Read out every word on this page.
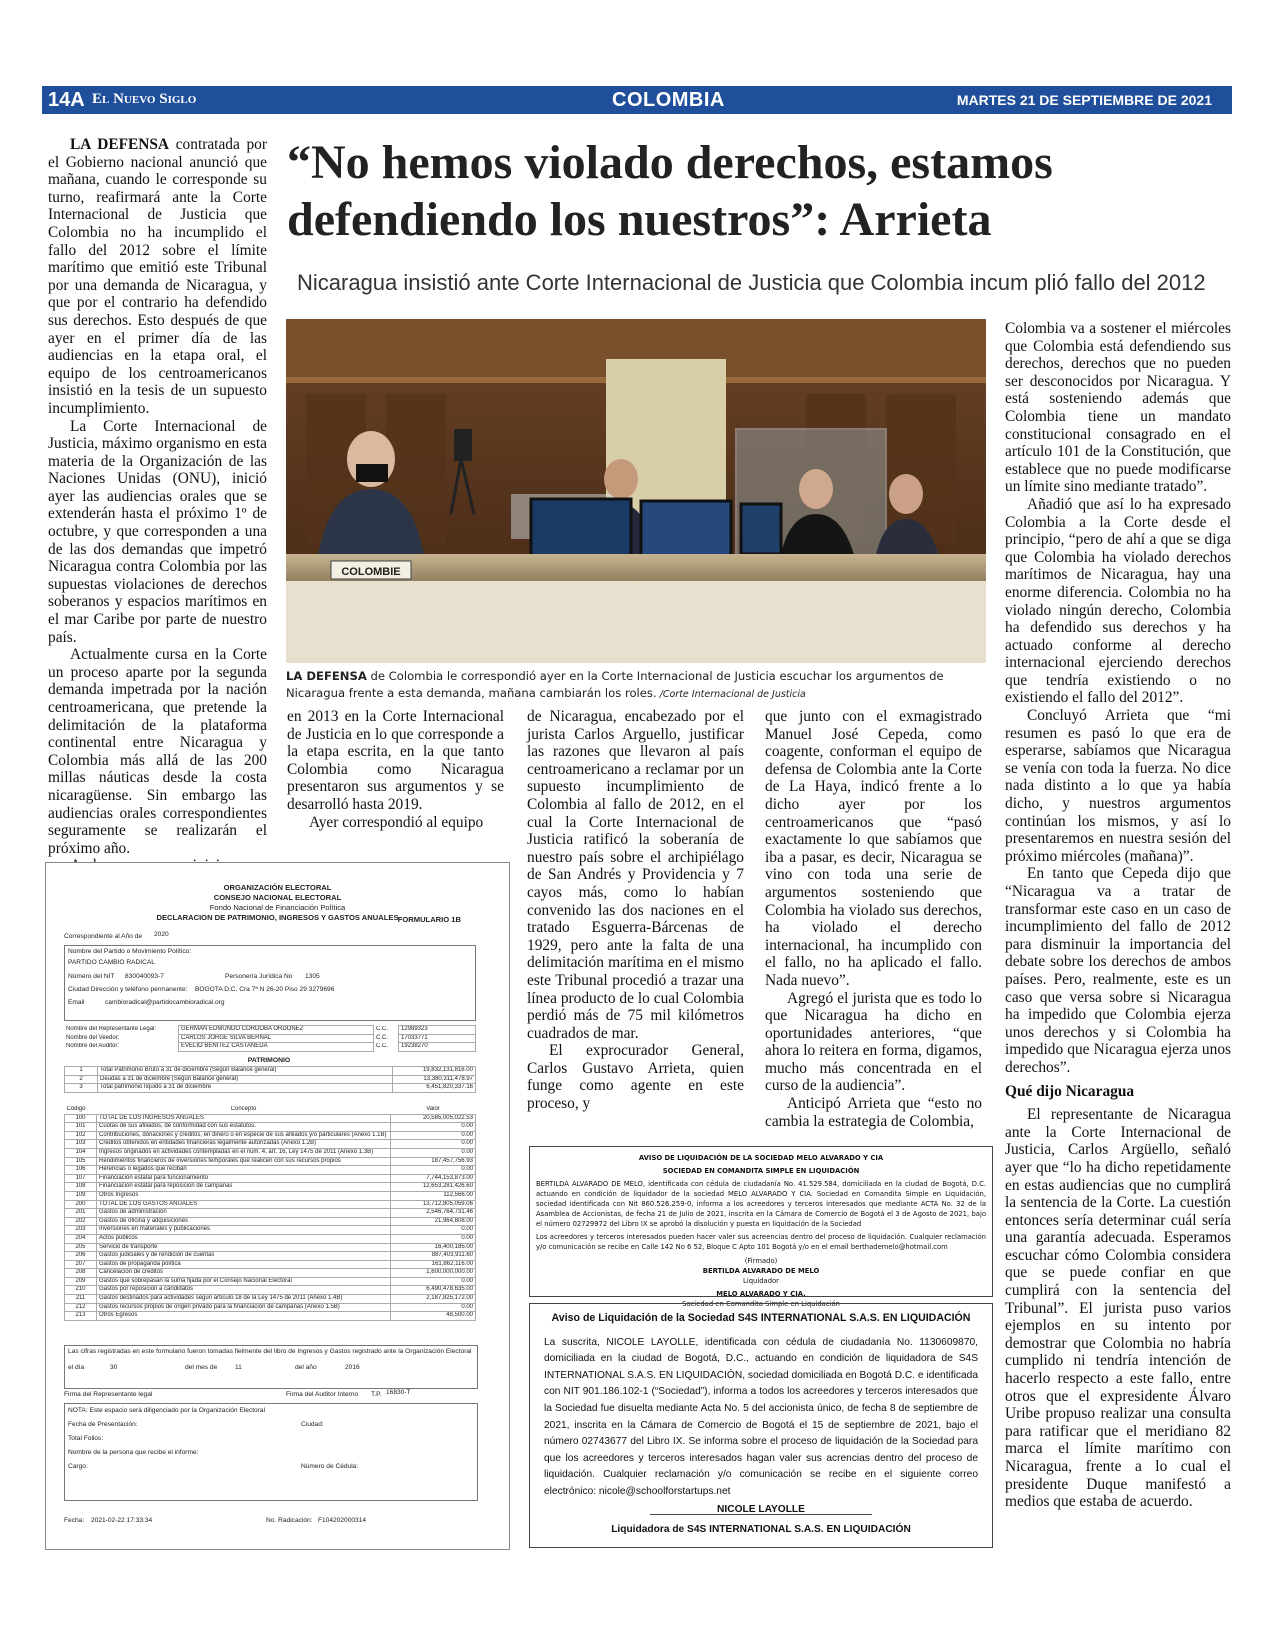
14A El Nuevo Siglo	COLOMBIA	MARTES 21 DE SEPTIEMBRE DE 2021
“No hemos violado derechos, estamos
defendiendo los nuestros”: Arrieta
Nicaragua insistió ante Corte Internacional de Justicia que Colombia incum plió fallo del 2012

LA DEFENSA contratada por el Gobierno nacional anunció que mañana, cuando le corresponde su turno, reafirmará ante la Corte Internacional de Justicia que Colombia no ha incumplido el fallo del 2012 sobre el límite marítimo que emitió este Tribunal por una demanda de Nicaragua, y que por el contrario ha defendido sus derechos. Esto después de que ayer en el primer día de las audiencias en la etapa oral, el equipo de los centroamericanos insistió en la tesis de un supuesto incumplimiento.

La Corte Internacional de Justicia, máximo organismo en esta materia de la Organización de las Naciones Unidas (ONU), inició ayer las audiencias orales que se extenderán hasta el próximo 1º de octubre, y que corresponden a una de las dos demandas que impetró Nicaragua contra Colombia por las supuestas violaciones de derechos soberanos y espacios marítimos en el mar Caribe por parte de nuestro país.

Actualmente cursa en la Corte un proceso aparte por la segunda demanda impetrada por la nación centroamericana, que pretende la delimitación de la plataforma continental entre Nicaragua y Colombia más allá de las 200 millas náuticas desde la costa nicaragüense. Sin embargo las audiencias orales correspondientes seguramente se realizarán el próximo año.

COLOMBIE
LA DEFENSA de Colombia le correspondió ayer en la Corte Internacional de Justicia escuchar los argumentos de Nicaragua frente a esta demanda, mañana cambiarán los roles. /Corte Internacional de Justicia

en 2013 en la Corte Internacional de Justicia en lo que corresponde a la etapa escrita, en la que tanto Colombia como Nicaragua presentaron sus argumentos y se desarrolló hasta 2019.

Ayer correspondió al equipo

de Nicaragua, encabezado por el jurista Carlos Arguello, justificar las razones que llevaron al país centroamericano a reclamar por un supuesto incumplimiento de Colombia al fallo de 2012, en el cual la Corte Internacional de Justicia ratificó la soberanía de nuestro país sobre el archipiélago de San Andrés y Providencia y 7 cayos más, como lo habían convenido las dos naciones en el tratado Esguerra-Bárcenas de 1929, pero ante la falta de una delimitación marítima en el mismo este Tribunal procedió a trazar una línea producto de lo cual Colombia perdió más de 75 mil kilómetros cuadrados de mar.

El exprocurador General, Carlos Gustavo Arrieta, quien funge como agente en este proceso, y

que junto con el exmagistrado Manuel José Cepeda, como coagente, conforman el equipo de defensa de Colombia ante la Corte de La Haya, indicó frente a lo dicho ayer por los centroamericanos que “pasó exactamente lo que sabíamos que iba a pasar, es decir, Nicaragua se vino con toda una serie de argumentos sosteniendo que Colombia ha violado sus derechos, ha violado el derecho internacional, ha incumplido con el fallo, no ha aplicado el fallo. Nada nuevo”.

Agregó el jurista que es todo lo que Nicaragua ha dicho en oportunidades anteriores, “que ahora lo reitera en forma, digamos, mucho más concentrada en el curso de la audiencia”.

Anticipó Arrieta que “esto no cambia la estrategia de Colombia,

Colombia va a sostener el miércoles que Colombia está defendiendo sus derechos, derechos que no pueden ser desconocidos por Nicaragua. Y está sosteniendo además que Colombia tiene un mandato constitucional consagrado en el artículo 101 de la Constitución, que establece que no puede modificarse un límite sino mediante tratado”.

Añadió que así lo ha expresado Colombia a la Corte desde el principio, “pero de ahí a que se diga que Colombia ha violado derechos marítimos de Nicaragua, hay una enorme diferencia. Colombia no ha violado ningún derecho, Colombia ha defendido sus derechos y ha actuado conforme al derecho internacional ejerciendo derechos que tendría existiendo o no existiendo el fallo del 2012”.

Concluyó Arrieta que “mi resumen es pasó lo que era de esperarse, sabíamos que Nicaragua se venía con toda la fuerza. No dice nada distinto a lo que ya había dicho, y nuestros argumentos continúan los mismos, y así lo presentaremos en nuestra sesión del próximo miércoles (mañana)”.

En tanto que Cepeda dijo que “Nicaragua va a tratar de transformar este caso en un caso de incumplimiento del fallo de 2012 para disminuir la importancia del debate sobre los derechos de ambos países. Pero, realmente, este es un caso que versa sobre si Nicaragua ha impedido que Colombia ejerza unos derechos y si Colombia ha impedido que Nicaragua ejerza unos derechos”.

Qué dijo Nicaragua

El representante de Nicaragua ante la Corte Internacional de Justicia, Carlos Argüello, señaló ayer que “lo ha dicho repetidamente en estas audiencias que no cumplirá la sentencia de la Corte. La cuestión entonces sería determinar cuál sería una garantía adecuada. Esperamos escuchar cómo Colombia considera que se puede confiar en que cumplirá con la sentencia del Tribunal”. El jurista puso varios ejemplos en su intento por demostrar que Colombia no habría cumplido ni tendría intención de hacerlo respecto a este fallo, entre otros que el expresidente Álvaro Uribe propuso realizar una consulta para ratificar que el meridiano 82 marca el límite marítimo con Nicaragua, frente a lo cual el presidente Duque manifestó a medios que estaba de acuerdo.

ORGANIZACIÓN ELECTORAL
CONSEJO NACIONAL ELECTORAL
Fondo Nacional de Financiación Política
DECLARACION DE PATRIMONIO, INGRESOS Y GASTOS ANUALES FORMULARIO 1B
Correspondiente al Año de 2020
Nombre del Partido o Movimiento Político:
PARTIDO CAMBIO RADICAL
Número del NIT 830040093-7	Personería Jurídica No 1305
Ciudad Dirección y teléfono permanente: BOGOTA D.C. Cra 7ª N 26-20 Piso 29 3279696
Email	cambioradical@partidocambioradical.org
Nombre del Representante Legal:	GERMAN EDMUNDO CORDOBA ORDOÑEZ	C.C.	12989323
Nombre del Veedor:	CARLOS JORGE SILVA BERNAL	C.C.	17033771
Nombre del Auditor:	EVELIO BENITEZ CASTAÑEDA	C.C.	19238270
PATRIMONIO
1	Total Patrimonio Bruto a 31 de diciembre (Según Balance general)	19,832,131,816.00
2	Deudas a 31 de diciembre (Según Balance general)	13,380,311,478.97
3	Total patrimonio líquido a 31 de diciembre	6,451,820,337.16
Código	Concepto	Valor
100	TOTAL DE LOS INGRESOS ANUALES	20,585,005,022.53
101	Cuotas de sus afiliados, de conformidad con sus estatutos.	0.00
102	Contribuciones, donaciones y créditos, en dinero o en especie de sus afiliados y/o particulares (Anexo 1.1B)	0.00
103	Créditos obtenidos en entidades financieras legalmente autorizadas (Anexo 1.2B)	0.00
104	Ingresos originados en actividades contempladas en el num. 4, art. 16, Ley 1475 de 2011 (Anexo 1.3B)	0.00
105	Rendimientos financieros de inversiones temporales que realicen con sus recursos propios	187,457,756.93
106	Herencias o legados que reciban	0.00
107	Financiación estatal para funcionamiento	7,744,153,873.00
108	Financiación estatal para reposición de campañas	12,653,281,426.60
109	Otros Ingresos	112,566.00
200	TOTAL DE LOS GASTOS ANUALES	13,712,805,059.06
201	Gastos de administración	2,546,764,731.46
202	Gastos de oficina y adquisiciones	21,964,808.00
203	Inversiones en materiales y publicaciones	0.00
204	Actos públicos	0.00
205	Servicio de transporte	16,400,185.00
206	Gastos judiciales y de rendición de cuentas	887,403,911.60
207	Gastos de propaganda política	161,862,116.00
208	Cancelación de créditos	1,600,000,000.00
209	Gastos que sobrepasan la suma fijada por el Consejo Nacional Electoral	0.00
210	Gastos por reposición a candidatos	6,490,478,635.00
211	Gastos destinados para actividades según artículo 18 de la Ley 1475 de 2011 (Anexo 1.4B)	2,187,825,172.00
212	Gastos recursos propios de origen privado para la financiación de campañas (Anexo 1.5B)	0.00
213	Otros Egresos	48,500.00
Las cifras registradas en este formulario fueron tomadas fielmente del libro de Ingresos y Gastos registrado ante la Organización Electoral
el día	30	del mes de	11	del año	2016
Firma del Representante legal	Firma del Auditor Interno T.P. 16830-T
NOTA: Este espacio será diligenciado por la Organización Electoral
Fecha de Presentación:	Ciudad:
Total Folios:
Nombre de la persona que recibe el informe:
Cargo:	Número de Cédula:
Fecha: 2021-02-22 17:33:34	No. Radicación: F104202000314
AVISO DE LIQUIDACIÓN DE LA SOCIEDAD MELO ALVARADO Y CIA
SOCIEDAD EN COMANDITA SIMPLE EN LIQUIDACIÓN
BERTILDA ALVARADO DE MELO, identificada con cédula de ciudadanía No. 41.529.584, domiciliada en la ciudad de Bogotá, D.C. actuando en condición de liquidador de la sociedad MELO ALVARADO Y CIA. Sociedad en Comandita Simple en Liquidación, sociedad identificada con Nit 860.526.259-0, informa a los acreedores y terceros interesados que mediante ACTA No. 32 de la Asamblea de Accionistas, de fecha 21 de Julio de 2021, inscrita en la Cámara de Comercio de Bogotá el 3 de Agosto de 2021, bajo el número 02729972 del Libro IX se aprobó la disolución y puesta en liquidación de la Sociedad
Los acreedores y terceros interesados pueden hacer valer sus acreencias dentro del proceso de liquidación. Cualquier reclamación y/o comunicación se recibe en Calle 142 No 6 52, Bloque C Apto 101 Bogotá y/o en el email berthademelo@hotmail.com
(Firmado)
BERTILDA ALVARADO DE MELO
Liquidador
MELO ALVARADO Y CIA.
Sociedad en Comandita Simple en Liquidación
Aviso de Liquidación de la Sociedad S4S INTERNATIONAL S.A.S. EN LIQUIDACIÓN
La suscrita, NICOLE LAYOLLE, identificada con cédula de ciudadanía No. 1130609870, domiciliada en la ciudad de Bogotá, D.C., actuando en condición de liquidadora de S4S INTERNATIONAL S.A.S. EN LIQUIDACIÓN, sociedad domiciliada en Bogotá D.C. e identificada con NIT 901.186.102-1 (“Sociedad”), informa a todos los acreedores y terceros interesados que la Sociedad fue disuelta mediante Acta No. 5 del accionista único, de fecha 8 de septiembre de 2021, inscrita en la Cámara de Comercio de Bogotá el 15 de septiembre de 2021, bajo el número 02743677 del Libro IX. Se informa sobre el proceso de liquidación de la Sociedad para que los acreedores y terceros interesados hagan valer sus acrencias dentro del proceso de liquidación. Cualquier reclamación y/o comunicación se recibe en el siguiente correo electrónico: nicole@schoolforstartups.net
NICOLE LAYOLLE
Liquidadora de S4S INTERNATIONAL S.A.S. EN LIQUIDACIÓN
